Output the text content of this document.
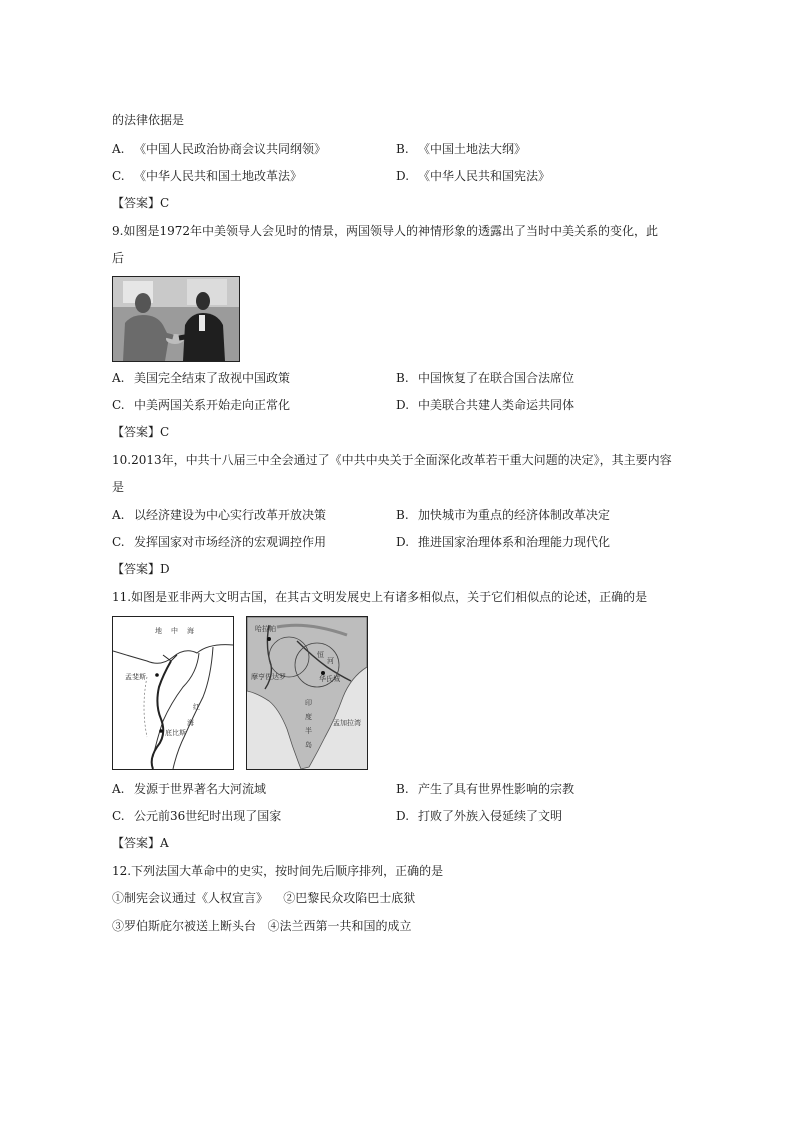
的法律依据是
A. 《中国人民政治协商会议共同纲领》	B. 《中国土地法大纲》
C. 《中华人民共和国土地改革法》	D. 《中华人民共和国宪法》
【答案】C
9.如图是1972年中美领导人会见时的情景，两国领导人的神情形象的透露出了当时中美关系的变化，此
后
A. 美国完全结束了敌视中国政策	B. 中国恢复了在联合国合法席位
C. 中美两国关系开始走向正常化	D. 中美联合共建人类命运共同体
【答案】C
10.2013年，中共十八届三中全会通过了《中共中央关于全面深化改革若干重大问题的决定》，其主要内容
是
A. 以经济建设为中心实行改革开放决策	B. 加快城市为重点的经济体制改革决定
C. 发挥国家对市场经济的宏观调控作用	D. 推进国家治理体系和治理能力现代化
【答案】D
11.如图是亚非两大文明古国，在其古文明发展史上有诸多相似点，关于它们相似点的论述，正确的是
地 中 海
孟斐斯
底比斯
红
海
哈拉帕
恒
河
印
度
半
岛
华氏城
孟加拉湾
摩亨佐达罗
A. 发源于世界著名大河流域	B. 产生了具有世界性影响的宗教
C. 公元前36世纪时出现了国家	D. 打败了外族入侵延续了文明
【答案】A
12.下列法国大革命中的史实，按时间先后顺序排列，正确的是
①制宪会议通过《人权宣言》    ②巴黎民众攻陷巴士底狱
③罗伯斯庇尔被送上断头台   ④法兰西第一共和国的成立
